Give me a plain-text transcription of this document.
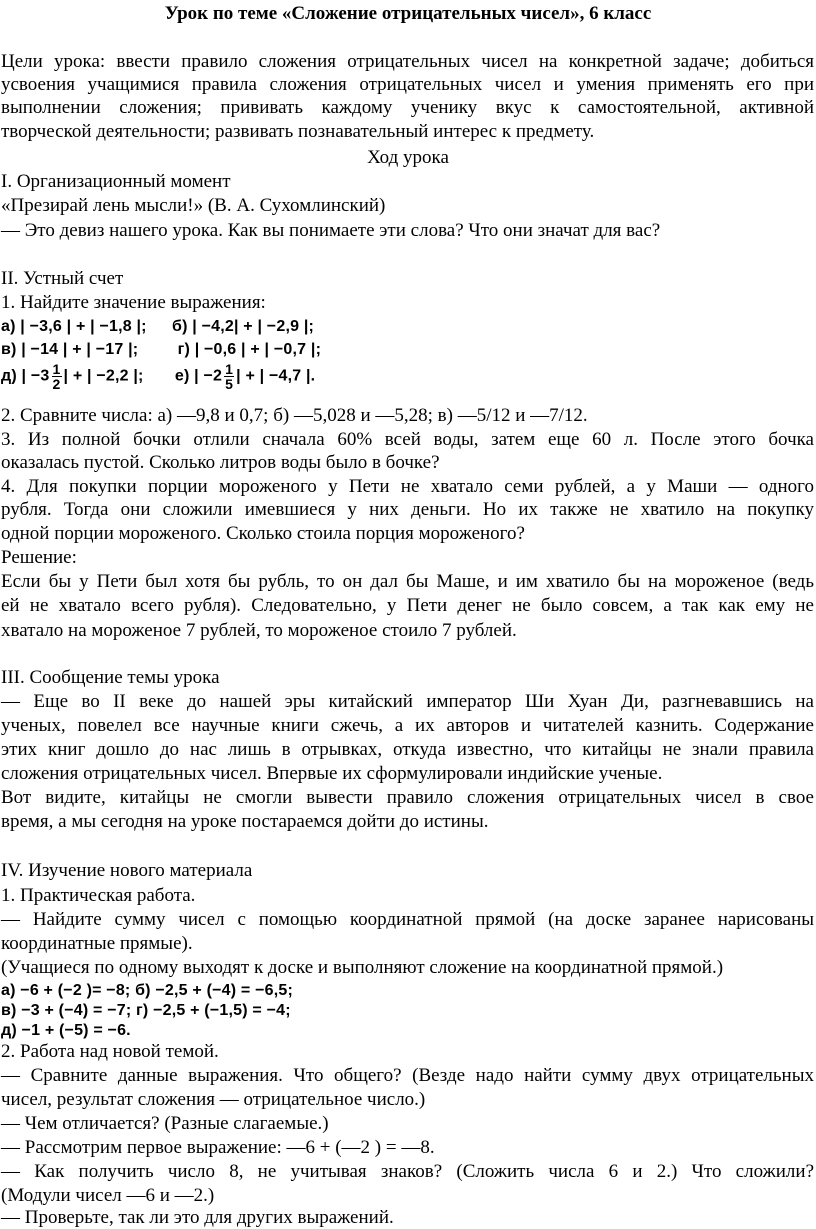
Урок по теме «Сложение отрицательных чисел», 6 класс
Цели урока: ввести правило сложения отрицательных чисел на конкретной задаче; добиться
усвоения учащимися правила сложения отрицательных чисел и умения применять его при
выполнении сложения; прививать каждому ученику вкус к самостоятельной, активной
творческой деятельности; развивать познавательный интерес к предмету.
Ход урока
I. Организационный момент
«Презирай лень мысли!» (В. А. Сухомлинский)
— Это девиз нашего урока. Как вы понимаете эти слова? Что они значат для вас?
II. Устный счет
1. Найдите значение выражения:
а) | −3,6 | + | −1,8 |; б) | −4,2| + | −2,9 |;
в) | −14 | + | −17 |; г) | −0,6 | + | −0,7 |;
д) | $-3 \frac{1}{2}$ | + | −2,2 |; е) | $-2 \frac{1}{5}$ | + | −4,7 |.
2. Сравните числа: а) —9,8 и 0,7; б) —5,028 и —5,28; в) —5/12 и —7/12.
3. Из полной бочки отлили сначала 60% всей воды, затем еще 60 л. После этого бочка
оказалась пустой. Сколько литров воды было в бочке?
4. Для покупки порции мороженого у Пети не хватало семи рублей, а у Маши — одного
рубля. Тогда они сложили имевшиеся у них деньги. Но их также не хватило на покупку
одной порции мороженого. Сколько стоила порция мороженого?
Решение:
Если бы у Пети был хотя бы рубль, то он дал бы Маше, и им хватило бы на мороженое (ведь
ей не хватало всего рубля). Следовательно, у Пети денег не было совсем, а так как ему не
хватало на мороженое 7 рублей, то мороженое стоило 7 рублей.
III. Сообщение темы урока
— Еще во II веке до нашей эры китайский император Ши Хуан Ди, разгневавшись на
ученых, повелел все научные книги сжечь, а их авторов и читателей казнить. Содержание
этих книг дошло до нас лишь в отрывках, откуда известно, что китайцы не знали правила
сложения отрицательных чисел. Впервые их сформулировали индийские ученые.
Вот видите, китайцы не смогли вывести правило сложения отрицательных чисел в свое
время, а мы сегодня на уроке постараемся дойти до истины.
IV. Изучение нового материала
1. Практическая работа.
— Найдите сумму чисел с помощью координатной прямой (на доске заранее нарисованы
координатные прямые).
(Учащиеся по одному выходят к доске и выполняют сложение на координатной прямой.)
а) −6 + (−2 )= −8; б) −2,5 + (−4) = −6,5;
в) −3 + (−4) = −7; г) −2,5 + (−1,5) = −4;
д) −1 + (−5) = −6.
2. Работа над новой темой.
— Сравните данные выражения. Что общего? (Везде надо найти сумму двух отрицательных
чисел, результат сложения — отрицательное число.)
— Чем отличается? (Разные слагаемые.)
— Рассмотрим первое выражение: —6 + (—2 ) = —8.
— Как получить число 8, не учитывая знаков? (Сложить числа 6 и 2.) Что сложили?
(Модули чисел —6 и —2.)
— Проверьте, так ли это для других выражений.
